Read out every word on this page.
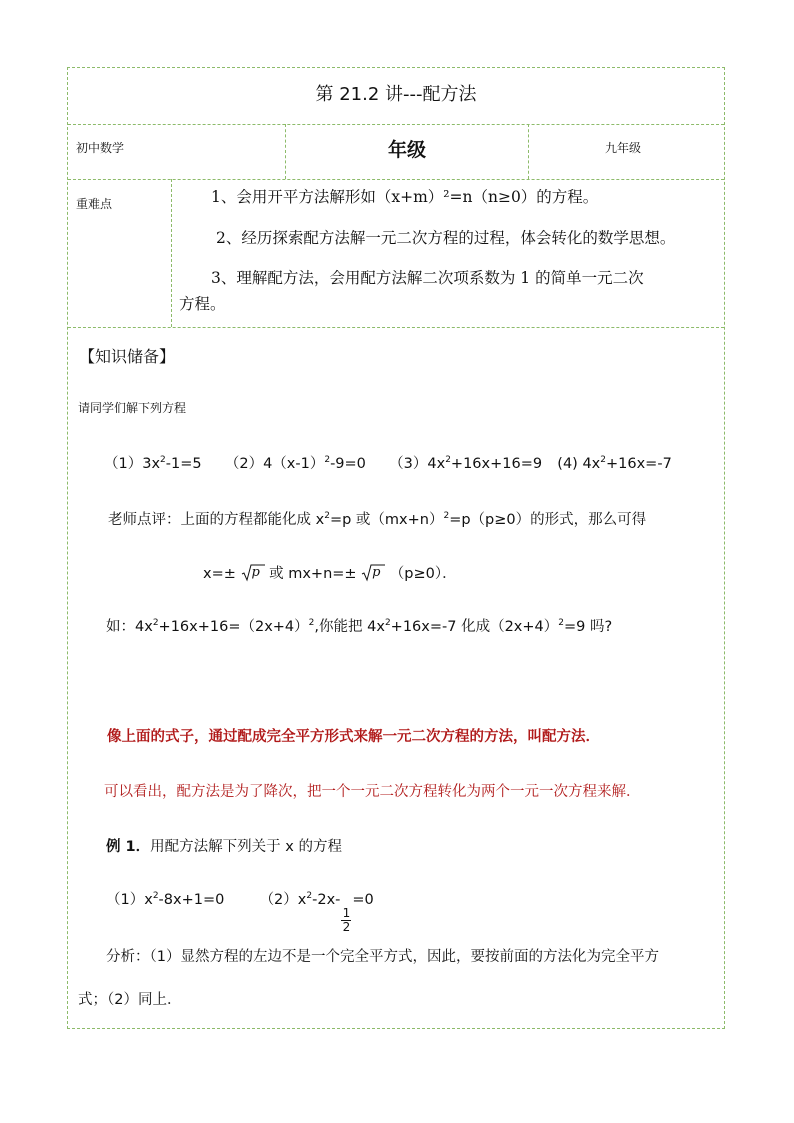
第 21.2 讲---配方法
初中数学	年级	九年级
重难点	1、会用开平方法解形如（x+m）²=n（n≥0）的方程。
2、经历探索配方法解一元二次方程的过程，体会转化的数学思想。
3、理解配方法，会用配方法解二次项系数为 1 的简单一元二次
方程。
【知识储备】
请同学们解下列方程
$(1)3x^2-1=5$ $(2)4(x-1)^2-9=0$ $(3)4x^2+16x+16=9$ (4) $4x^2+16x=-7$
老师点评：上面的方程都能化成 $x^2=p$ 或$(mx+n)^2=p(p\ge 0)$的形式，那么可得
x=± p 或 mx+n=± p （p≥0）．
如：$4x^2+16x+16=(2x+4)^2$,你能把 $4x^2+16x=-7$ 化成$(2x+4)^2=9$ 吗?
像上面的式子，通过配成完全平方形式来解一元二次方程的方法，叫配方法．
可以看出，配方法是为了降次，把一个一元二次方程转化为两个一元一次方程来解．
例 1．用配方法解下列关于 x 的方程
$(1)x^2-8x+1=0$ $(2)x^2-2x-$
$\frac{1}{2}$
=0
分析：（1）显然方程的左边不是一个完全平方式，因此，要按前面的方法化为完全平方
式；（2）同上．
